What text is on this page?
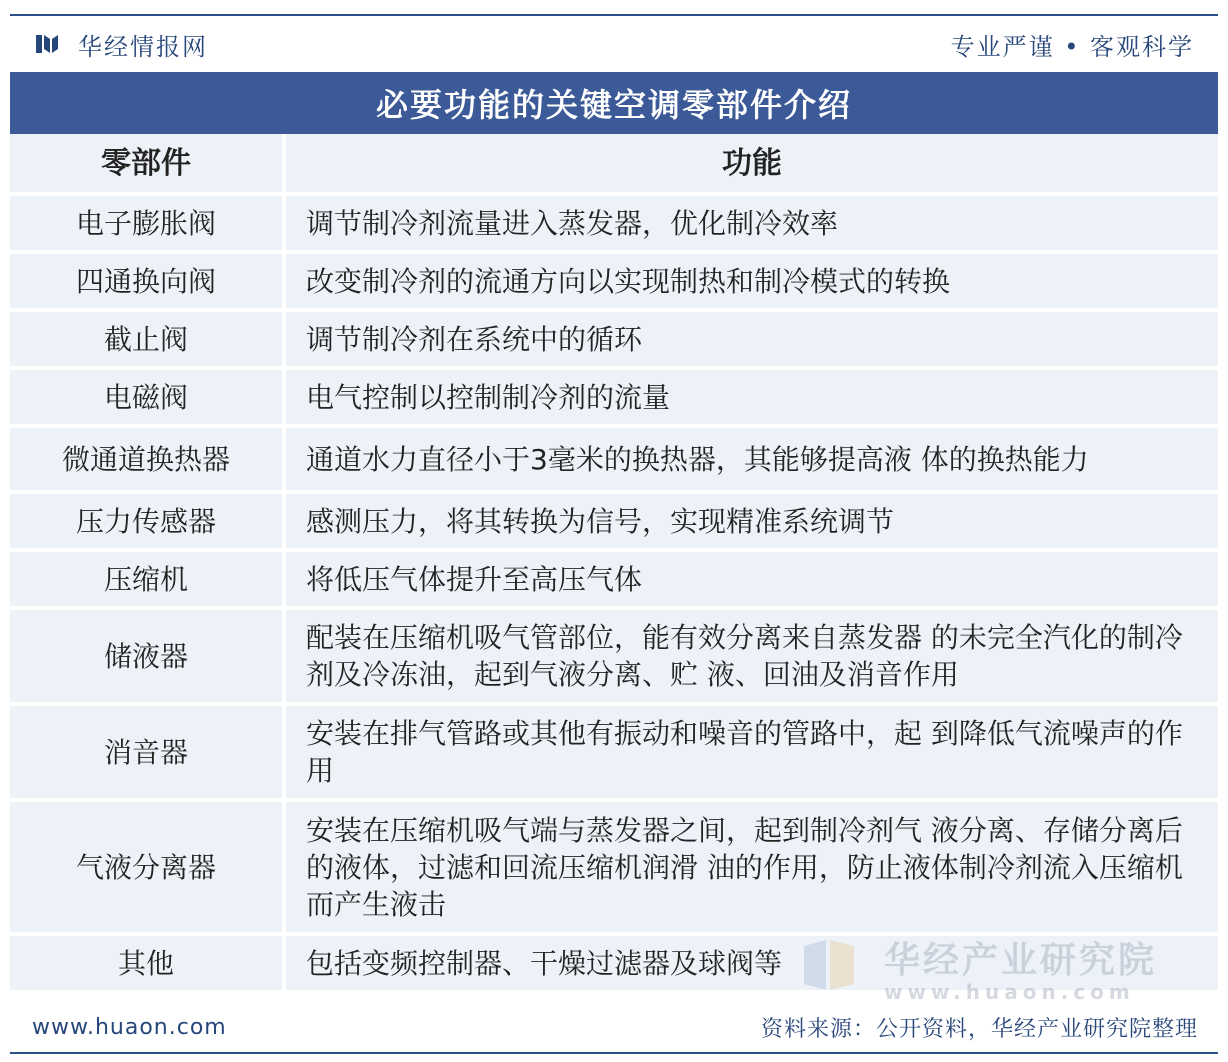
华经情报网	专业严谨 • 客观科学
必要功能的关键空调零部件介绍
零部件	功能
电子膨胀阀	调节制冷剂流量进入蒸发器，优化制冷效率
四通换向阀	改变制冷剂的流通方向以实现制热和制冷模式的转换
截止阀	调节制冷剂在系统中的循环
电磁阀	电气控制以控制制冷剂的流量
微通道换热器	通道水力直径小于3毫米的换热器，其能够提高液 体的换热能力
压力传感器	感测压力，将其转换为信号，实现精准系统调节
压缩机	将低压气体提升至高压气体
储液器	配装在压缩机吸气管部位，能有效分离来自蒸发器 的未完全汽化的制冷剂及冷冻油，起到气液分离、贮 液、回油及消音作用
消音器	安装在排气管路或其他有振动和噪音的管路中，起 到降低气流噪声的作用
气液分离器	安装在压缩机吸气端与蒸发器之间，起到制冷剂气 液分离、存储分离后的液体，过滤和回流压缩机润滑 油的作用，防止液体制冷剂流入压缩机而产生液击
其他	包括变频控制器、干燥过滤器及球阀等	华经产业研究院
www.huaon.com
www.huaon.com	资料来源：公开资料，华经产业研究院整理
